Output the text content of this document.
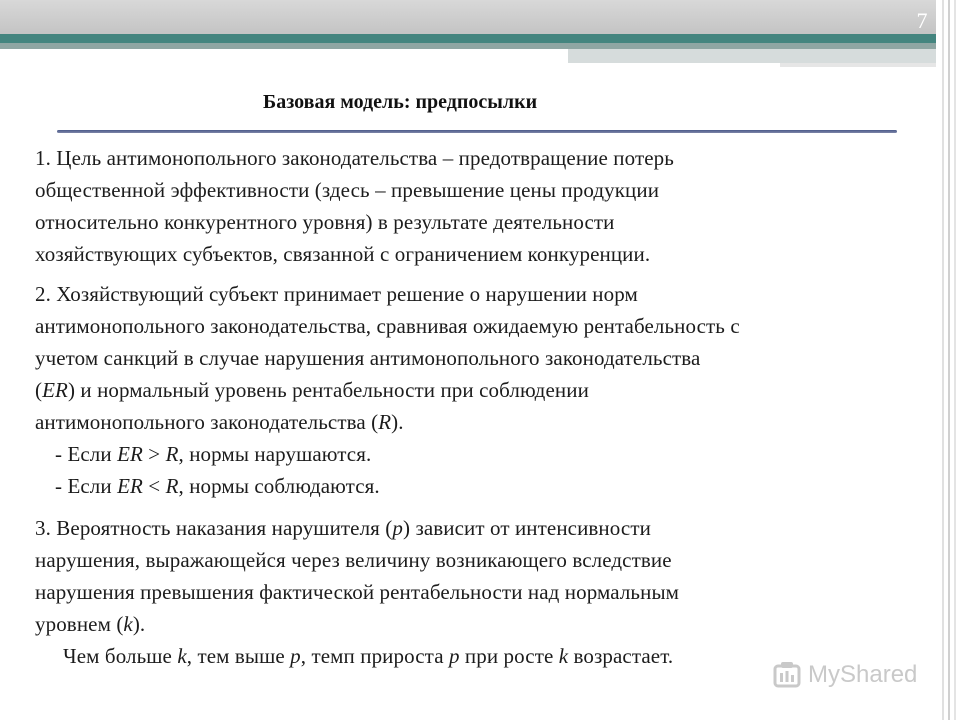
7
Базовая модель: предпосылки

1. Цель антимонопольного законодательства – предотвращение потерь
общественной эффективности (здесь – превышение цены продукции
относительно конкурентного уровня) в результате деятельности
хозяйствующих субъектов, связанной с ограничением конкуренции.

2. Хозяйствующий субъект принимает решение о нарушении норм
антимонопольного законодательства, сравнивая ожидаемую рентабельность с
учетом санкций в случае нарушения антимонопольного законодательства
(ER) и нормальный уровень рентабельности при соблюдении
антимонопольного законодательства (R).
- Если ER > R, нормы нарушаются.
- Если ER < R, нормы соблюдаются.

3. Вероятность наказания нарушителя (p) зависит от интенсивности
нарушения, выражающейся через величину возникающего вследствие
нарушения превышения фактической рентабельности над нормальным
уровнем (k).
Чем больше k, тем выше p, темп прироста p при росте k возрастает.

MyShared
